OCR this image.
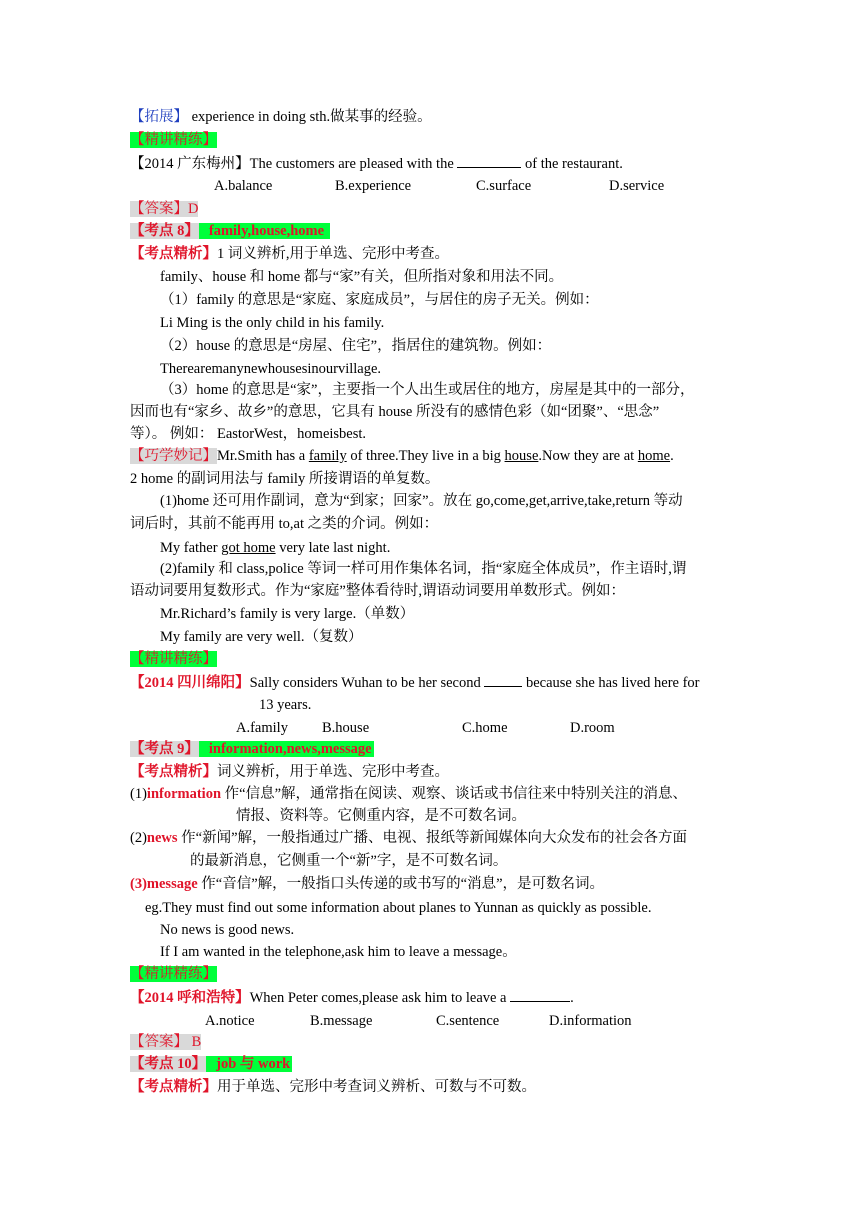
【拓展】 experience in doing sth.做某事的经验。
【精讲精练】
【2014 广东梅州】The customers are pleased with the	of the restaurant.
A.balance	B.experience	C.surface	D.service
【答案】D
【考点 8】 family,house,home
【考点精析】1 词义辨析,用于单选、完形中考查。
family、house 和 home 都与“家”有关，但所指对象和用法不同。
（1）family 的意思是“家庭、家庭成员”，与居住的房子无关。例如：
Li Ming is the only child in his family.
（2）house 的意思是“房屋、住宅”，指居住的建筑物。例如：
Therearemanynewhousesinourvillage.
（3）home 的意思是“家”，主要指一个人出生或居住的地方，房屋是其中的一部分，
因而也有“家乡、故乡”的意思，它具有 house 所没有的感情色彩（如“团聚”、“思念”
等）。 例如： EastorWest，homeisbest.
【巧学妙记】Mr.Smith has a family of three.They live in a big house.Now they are at home.
2 home 的副词用法与 family 所接谓语的单复数。
(1)home 还可用作副词，意为“到家；回家”。放在 go,come,get,arrive,take,return 等动
词后时，其前不能再用 to,at 之类的介词。例如：
My father got home very late last night.
(2)family 和 class,police 等词一样可用作集体名词，指“家庭全体成员”，作主语时,谓
语动词要用复数形式。作为“家庭”整体看待时,谓语动词要用单数形式。例如：
Mr.Richard’s family is very large.（单数）
My family are very well.（复数）
【精讲精练】
【2014 四川绵阳】Sally considers Wuhan to be her second	because she has lived here for
13 years.
A.family B.house	C.home	D.room
【考点 9】 information,news,message
【考点精析】词义辨析，用于单选、完形中考查。
(1)information 作“信息”解，通常指在阅读、观察、谈话或书信往来中特别关注的消息、
情报、资料等。它侧重内容，是不可数名词。
(2)news 作“新闻”解，一般指通过广播、电视、报纸等新闻媒体向大众发布的社会各方面
的最新消息，它侧重一个“新”字，是不可数名词。
(3)message 作“音信”解，一般指口头传递的或书写的“消息”，是可数名词。
eg.They must find out some information about planes to Yunnan as quickly as possible.
No news is good news.
If I am wanted in the telephone,ask him to leave a message。
【精讲精练】
【2014 呼和浩特】When Peter comes,please ask him to leave a	.
A.notice	B.message	C.sentence	D.information
【答案】 B
【考点 10】 job 与 work
【考点精析】用于单选、完形中考查词义辨析、可数与不可数。
